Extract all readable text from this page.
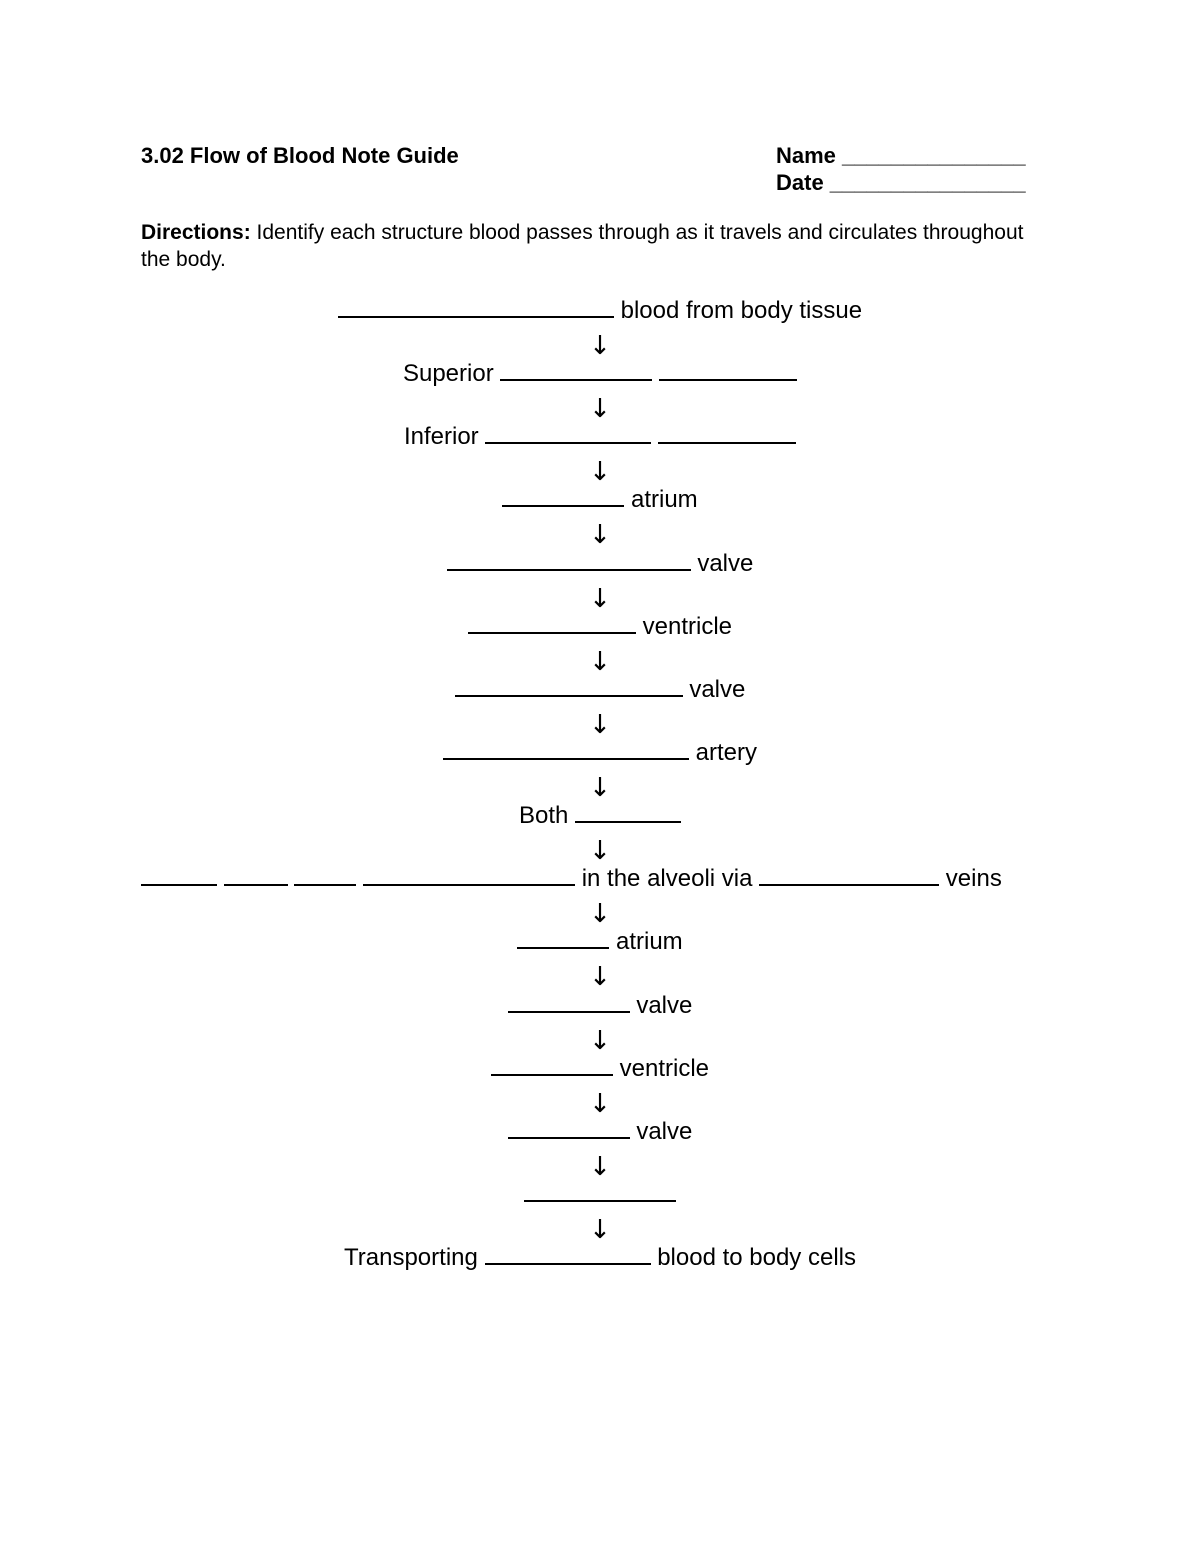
3.02 Flow of Blood Note Guide	Name _______________
Date ________________
Directions: Identify each structure blood passes through as it travels and circulates throughout the body.
blood from body tissue
↓
Superior
↓
Inferior
↓
atrium
↓
valve
↓
ventricle
↓
valve
↓
artery
↓
Both
↓
in the alveoli via	veins
↓
atrium
↓
valve
↓
ventricle
↓
valve
↓
↓
Transporting	blood to body cells
